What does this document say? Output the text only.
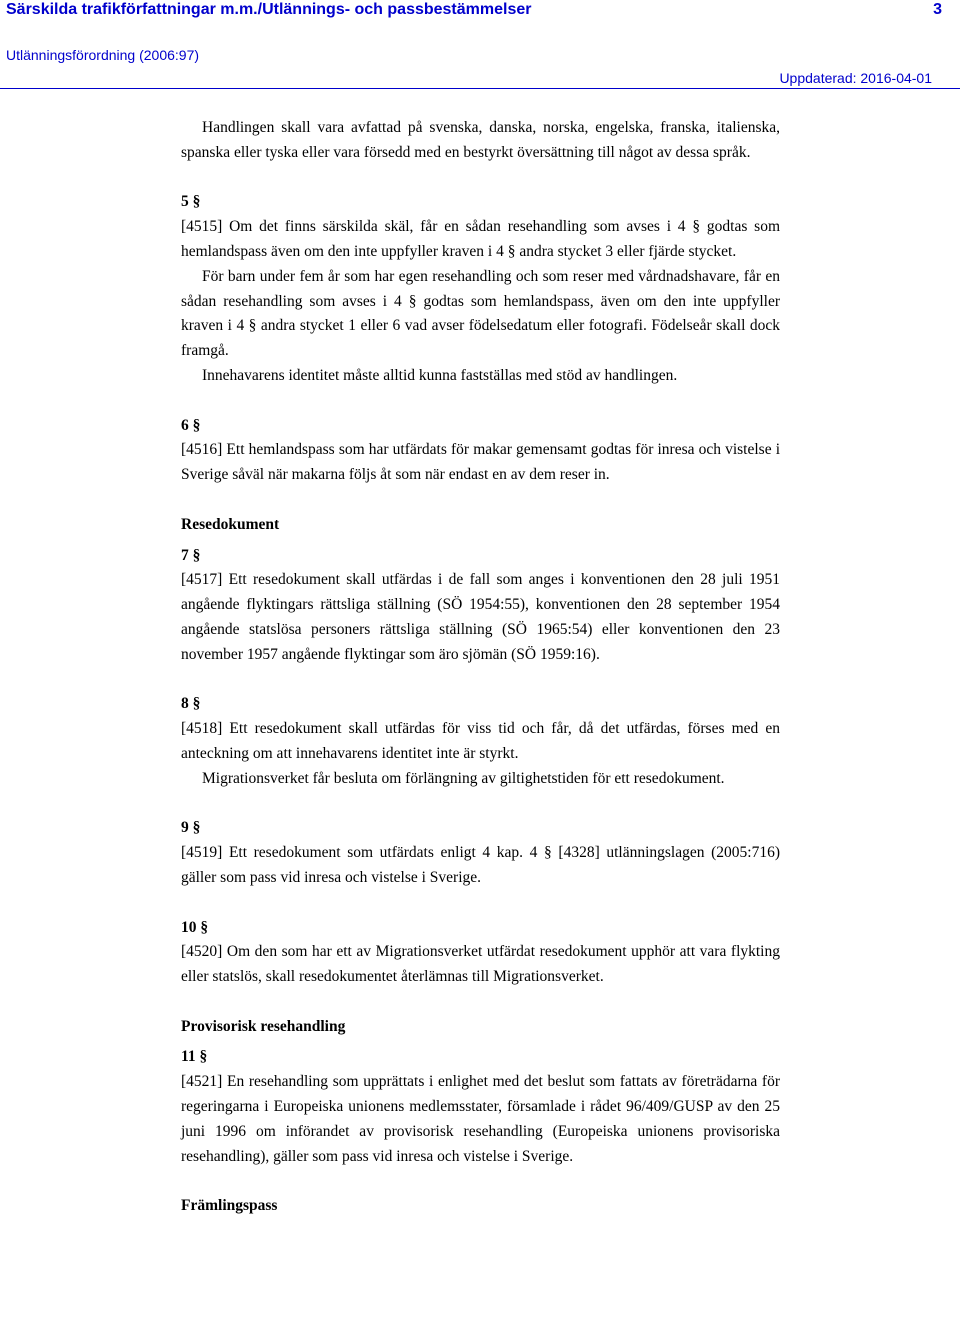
Särskilda trafikförfattningar m.m./Utlännings- och passbestämmelser	3
Utlänningsförordning (2006:97)
Uppdaterad: 2016-04-01

Handlingen skall vara avfattad på svenska, danska, norska, engelska, franska, italienska, spanska eller tyska eller vara försedd med en bestyrkt översättning till något av dessa språk.

5 §

[4515] Om det finns särskilda skäl, får en sådan resehandling som avses i 4 § godtas som hemlandspass även om den inte uppfyller kraven i 4 § andra stycket 3 eller fjärde stycket.

För barn under fem år som har egen resehandling och som reser med vårdnadshavare, får en sådan resehandling som avses i 4 § godtas som hemlandspass, även om den inte uppfyller kraven i 4 § andra stycket 1 eller 6 vad avser födelsedatum eller fotografi. Födelseår skall dock framgå.

Innehavarens identitet måste alltid kunna fastställas med stöd av handlingen.

6 §

[4516] Ett hemlandspass som har utfärdats för makar gemensamt godtas för inresa och vistelse i Sverige såväl när makarna följs åt som när endast en av dem reser in.

Resedokument

7 §

[4517] Ett resedokument skall utfärdas i de fall som anges i konventionen den 28 juli 1951 angående flyktingars rättsliga ställning (SÖ 1954:55), konventionen den 28 september 1954 angående statslösa personers rättsliga ställning (SÖ 1965:54) eller konventionen den 23 november 1957 angående flyktingar som äro sjömän (SÖ 1959:16).

8 §

[4518] Ett resedokument skall utfärdas för viss tid och får, då det utfärdas, förses med en anteckning om att innehavarens identitet inte är styrkt.

Migrationsverket får besluta om förlängning av giltighetstiden för ett resedokument.

9 §

[4519] Ett resedokument som utfärdats enligt 4 kap. 4 § [4328] utlänningslagen (2005:716) gäller som pass vid inresa och vistelse i Sverige.

10 §

[4520] Om den som har ett av Migrationsverket utfärdat resedokument upphör att vara flykting eller statslös, skall resedokumentet återlämnas till Migrationsverket.

Provisorisk resehandling

11 §

[4521] En resehandling som upprättats i enlighet med det beslut som fattats av företrädarna för regeringarna i Europeiska unionens medlemsstater, församlade i rådet 96/409/GUSP av den 25 juni 1996 om införandet av provisorisk resehandling (Europeiska unionens provisoriska resehandling), gäller som pass vid inresa och vistelse i Sverige.

Främlingspass
